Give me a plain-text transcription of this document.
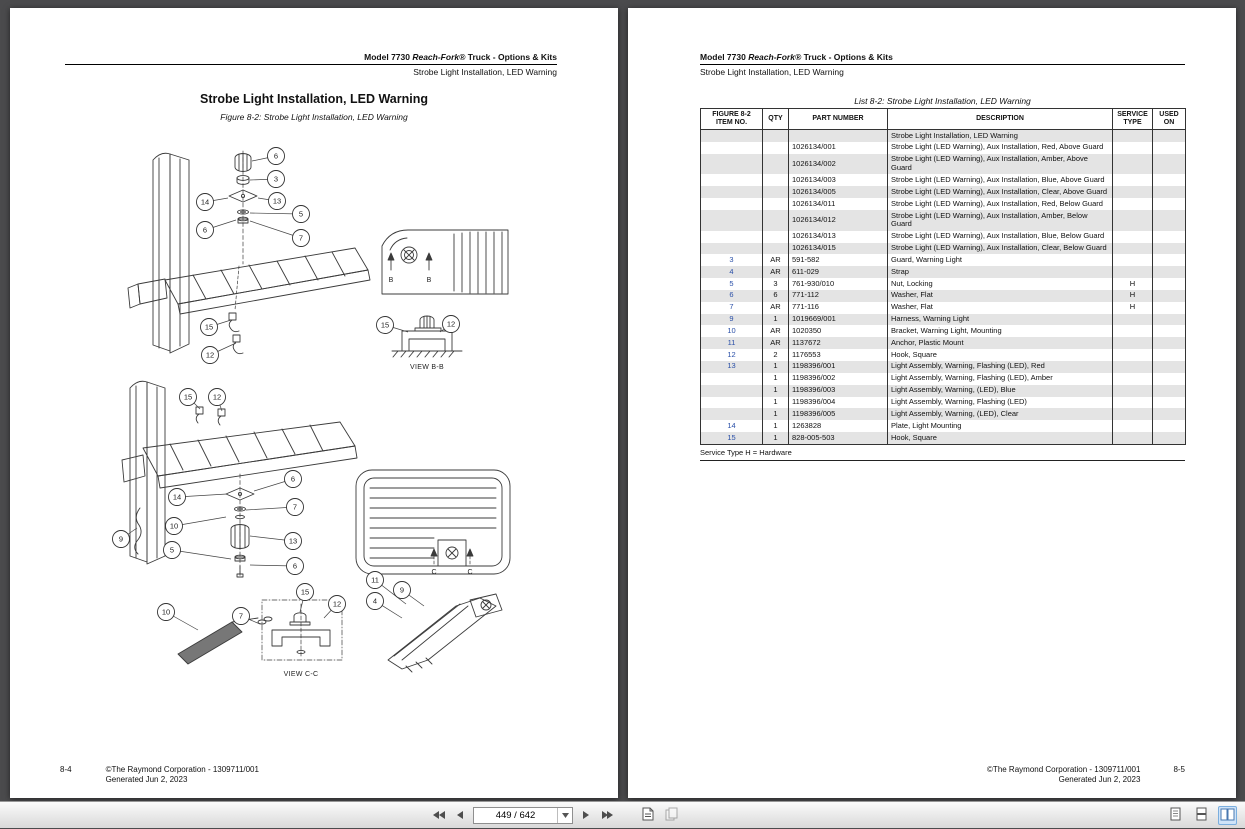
Model 7730 Reach-Fork® Truck - Options & Kits
Strobe Light Installation, LED Warning
Strobe Light Installation, LED Warning
Figure 8-2: Strobe Light Installation, LED Warning
B	B
C	C
VIEW B-B
VIEW C-C
6
3
13
14
5
6
7
15
12
15	12
15	12
6
14
7
10
13
9
5
6
11
4
9
15
12
10	7
8-4	©The Raymond Corporation - 1309711/001
Generated Jun 2, 2023
Model 7730 Reach-Fork® Truck - Options & Kits
Strobe Light Installation, LED Warning
List 8-2: Strobe Light Installation, LED Warning
FIGURE 8-2 ITEM NO.	QTY	PART NUMBER	DESCRIPTION	SERVICE TYPE	USED ON
			Strobe Light Installation, LED Warning		
		1026134/001	Strobe Light (LED Warning), Aux Installation, Red, Above Guard		
		1026134/002	Strobe Light (LED Warning), Aux Installation, Amber, Above Guard		
		1026134/003	Strobe Light (LED Warning), Aux Installation, Blue, Above Guard		
		1026134/005	Strobe Light (LED Warning), Aux Installation, Clear, Above Guard		
		1026134/011	Strobe Light (LED Warning), Aux Installation, Red, Below Guard		
		1026134/012	Strobe Light (LED Warning), Aux Installation, Amber, Below Guard		
		1026134/013	Strobe Light (LED Warning), Aux Installation, Blue, Below Guard		
		1026134/015	Strobe Light (LED Warning), Aux Installation, Clear, Below Guard		
3	AR	591-582	Guard, Warning Light		
4	AR	611-029	Strap		
5	3	761-930/010	Nut, Locking	H	
6	6	771-112	Washer, Flat	H	
7	AR	771-116	Washer, Flat	H	
9	1	1019669/001	Harness, Warning Light		
10	AR	1020350	Bracket, Warning Light, Mounting		
11	AR	1137672	Anchor, Plastic Mount		
12	2	1176553	Hook, Square		
13	1	1198396/001	Light Assembly, Warning, Flashing (LED), Red		
	1	1198396/002	Light Assembly, Warning, Flashing (LED), Amber		
	1	1198396/003	Light Assembly, Warning, (LED), Blue		
	1	1198396/004	Light Assembly, Warning, Flashing (LED)		
	1	1198396/005	Light Assembly, Warning, (LED), Clear		
14	1	1263828	Plate, Light Mounting		
15	1	828-005-503	Hook, Square		
Service Type H = Hardware
©The Raymond Corporation - 1309711/001
Generated Jun 2, 2023
8-5
449 / 642
